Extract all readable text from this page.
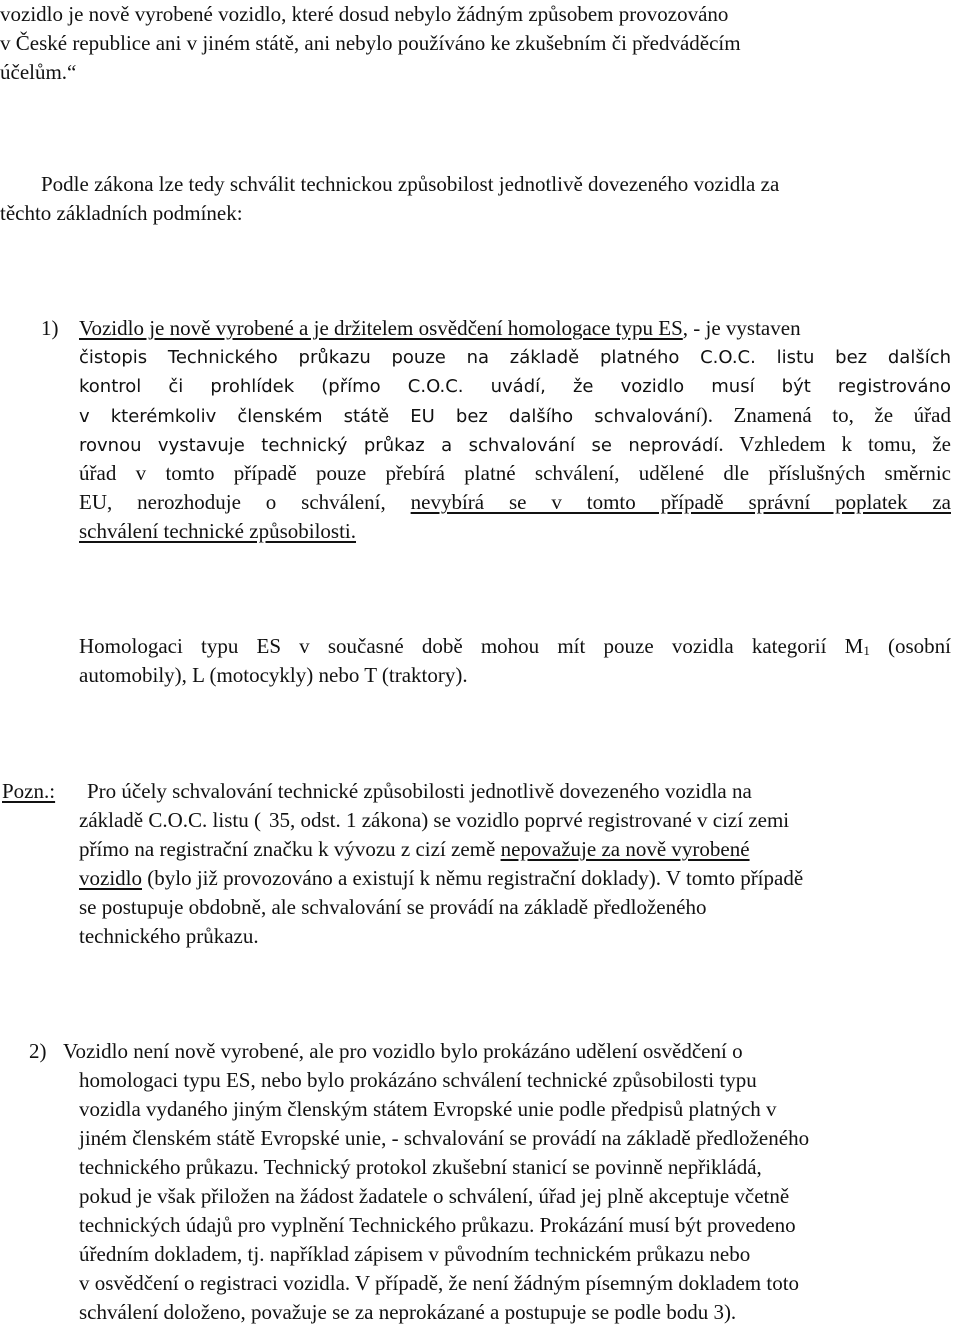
vozidlo je nově vyrobené vozidlo, které dosud nebylo žádným způsobem provozováno
v České republice ani v jiném státě, ani nebylo používáno ke zkušebním či předváděcím
účelům.“
Podle zákona lze tedy schválit technickou způsobilost jednotlivě dovezeného vozidla za
těchto základních podmínek:
1) Vozidlo je nově vyrobené a je držitelem osvědčení homologace typu ES, - je vystaven
čistopis Technického průkazu pouze na základě platného C.O.C. listu bez dalších
kontrol či prohlídek (přímo C.O.C. uvádí, že vozidlo musí být registrováno
v kterémkoliv členském státě EU bez dalšího schvalování). Znamená to, že úřad
rovnou vystavuje technický průkaz a schvalování se neprovádí. Vzhledem k tomu, že
úřad v tomto případě pouze přebírá platné schválení, udělené dle příslušných směrnic
EU, nerozhoduje o schválení, nevybírá se v tomto případě správní poplatek za
schválení technické způsobilosti.
Homologaci typu ES v současné době mohou mít pouze vozidla kategorií $M_1$ (osobní
automobily), L (motocykly) nebo T (traktory).
Pozn.:	Pro účely schvalování technické způsobilosti jednotlivě dovezeného vozidla na
základě C.O.C. listu ( 35, odst. 1 zákona) se vozidlo poprvé registrované v cizí zemi
přímo na registrační značku k vývozu z cizí země nepovažuje za nově vyrobené
vozidlo (bylo již provozováno a existují k němu registrační doklady). V tomto případě
se postupuje obdobně, ale schvalování se provádí na základě předloženého
technického průkazu.
2) Vozidlo není nově vyrobené, ale pro vozidlo bylo prokázáno udělení osvědčení o
homologaci typu ES, nebo bylo prokázáno schválení technické způsobilosti typu
vozidla vydaného jiným členským státem Evropské unie podle předpisů platných v
jiném členském státě Evropské unie, - schvalování se provádí na základě předloženého
technického průkazu. Technický protokol zkušební stanicí se povinně nepřikládá,
pokud je však přiložen na žádost žadatele o schválení, úřad jej plně akceptuje včetně
technických údajů pro vyplnění Technického průkazu. Prokázání musí být provedeno
úředním dokladem, tj. například zápisem v původním technickém průkazu nebo
v osvědčení o registraci vozidla. V případě, že není žádným písemným dokladem toto
schválení doloženo, považuje se za neprokázané a postupuje se podle bodu 3).
